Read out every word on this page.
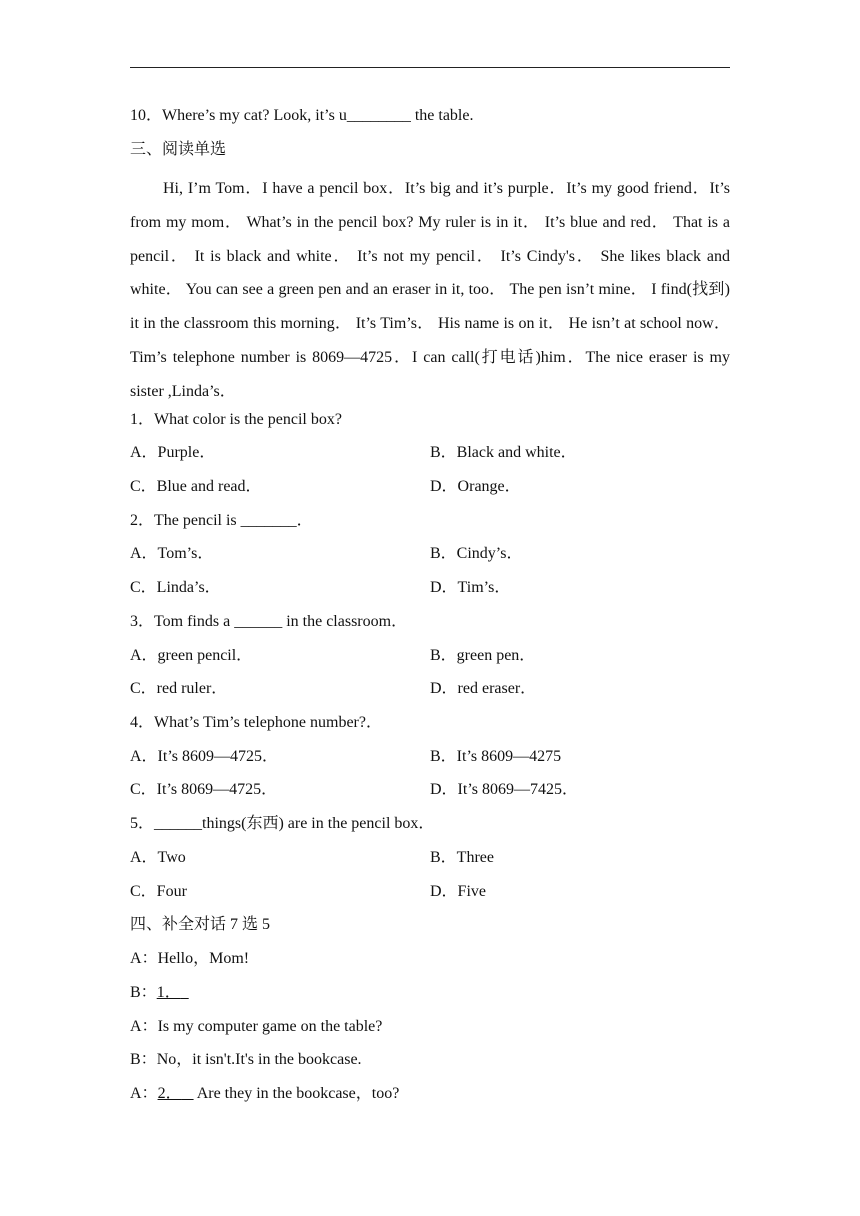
10．Where’s my cat? Look, it’s u________ the table.
三、阅读单选
Hi, I’m Tom．I have a pencil box．It’s big and it’s purple．It’s my good friend．It’s from my mom． What’s in the pencil box? My ruler is in it． It’s blue and red． That is a pencil． It is black and white． It’s not my pencil． It’s Cindy's． She likes black and white． You can see a green pen and an eraser in it, too． The pen isn’t mine． I find(找到) it in the classroom this morning． It’s Tim’s． His name is on it． He isn’t at school now．Tim’s telephone number is 8069—4725．I can call(打电话)him．The nice eraser is my sister ,Linda’s．
1．What color is the pencil box?
A．Purple．	B．Black and white．
C．Blue and read．	D．Orange．
2．The pencil is _______．
A．Tom’s．	B．Cindy’s．
C．Linda’s．	D．Tim’s．
3．Tom finds a ______ in the classroom．
A．green pencil．	B．green pen．
C．red ruler．	D．red eraser．
4．What’s Tim’s telephone number?．
A．It’s 8609—4725．	B．It’s 8609—4275
C．It’s 8069—4725．	D．It’s 8069—7425．
5．______things(东西) are in the pencil box．
A．Two	B．Three
C．Four	D．Five
四、补全对话 7 选 5
A：Hello，Mom!
B：1．
A：Is my computer game on the table?
B：No，it isn't.It's in the bookcase.
A：2．    Are they in the bookcase，too?
